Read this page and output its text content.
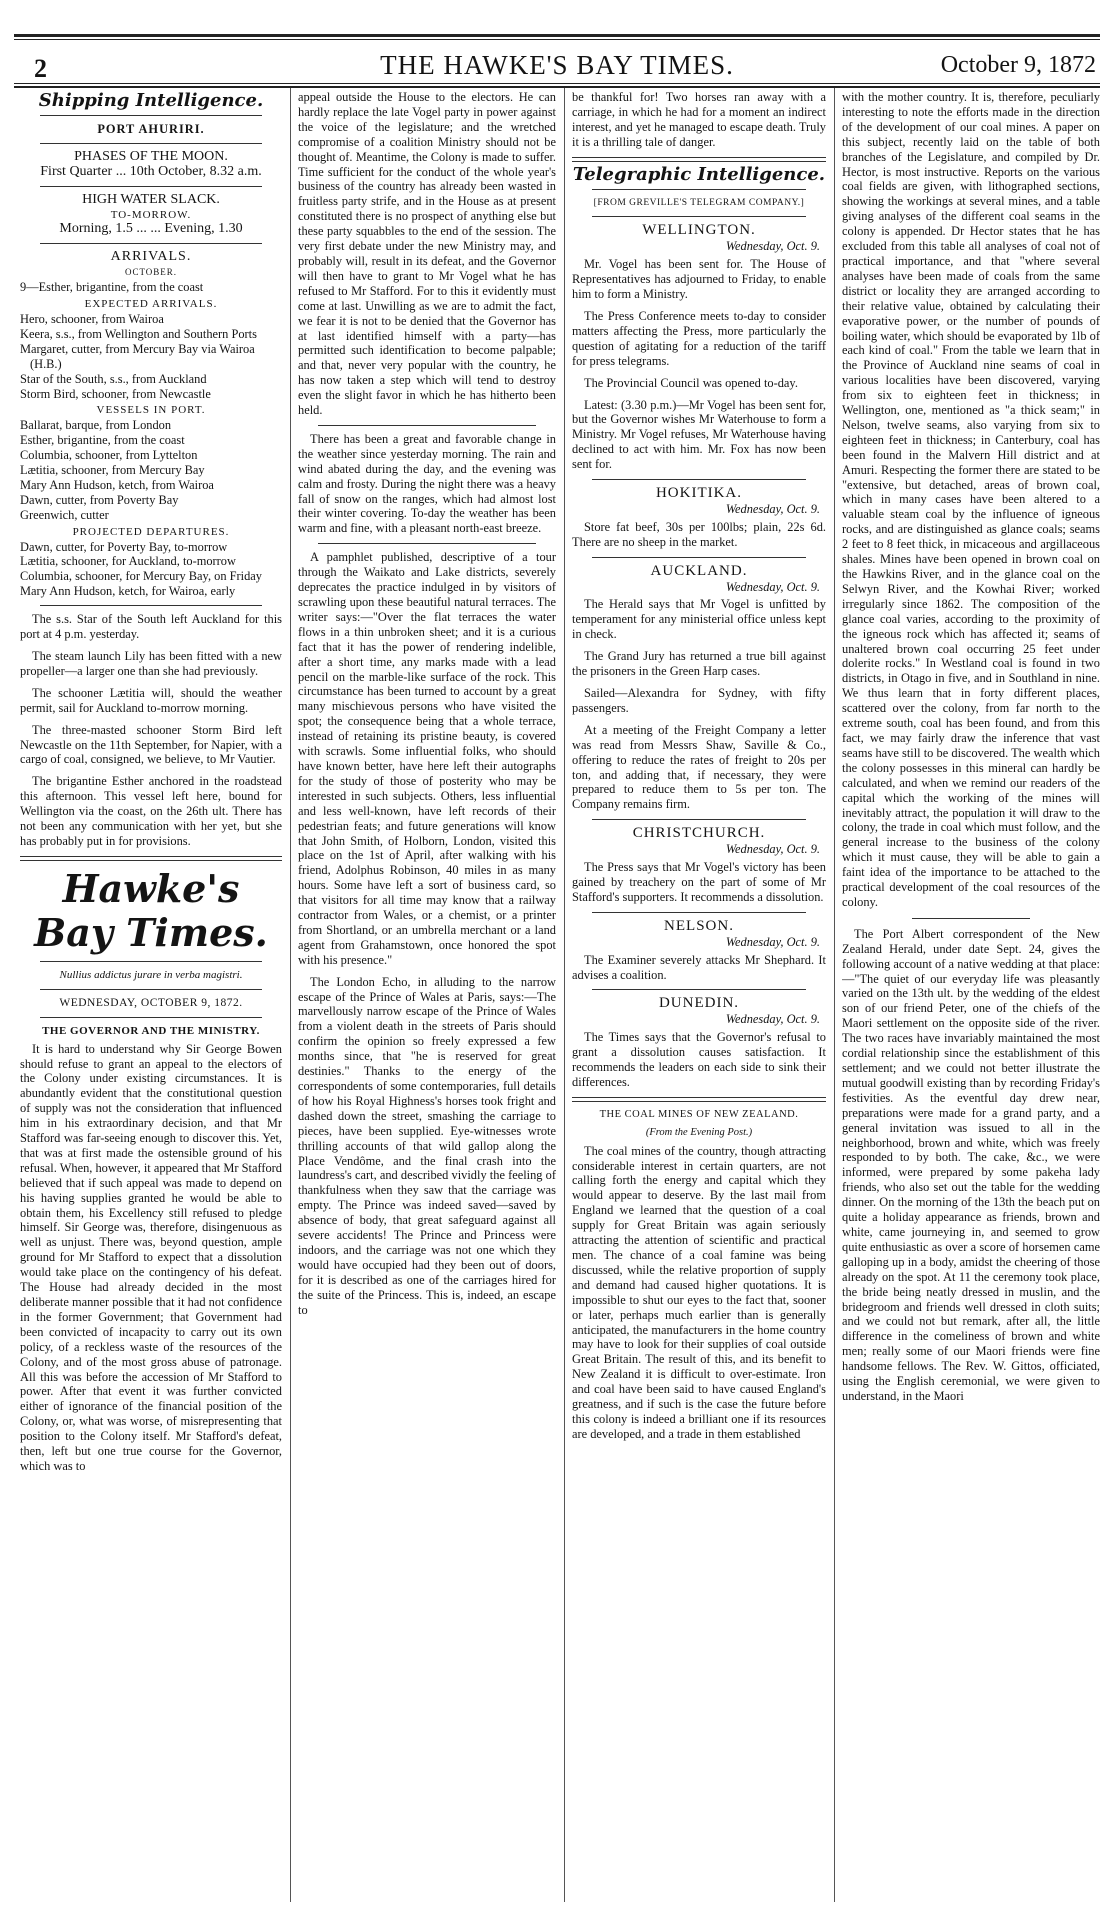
2	THE HAWKE'S BAY TIMES.	October 9, 1872
Shipping Intelligence.
PORT AHURIRI.
PHASES OF THE MOON.
First Quarter ... 10th October, 8.32 a.m.
HIGH WATER SLACK.
TO-MORROW.
Morning, 1.5 ... ... Evening, 1.30
ARRIVALS.
OCTOBER.
9—Esther, brigantine, from the coast
EXPECTED ARRIVALS.
Hero, schooner, from Wairoa
Keera, s.s., from Wellington and Southern Ports
Margaret, cutter, from Mercury Bay via Wairoa (H.B.)
Star of the South, s.s., from Auckland
Storm Bird, schooner, from Newcastle
VESSELS IN PORT.
Ballarat, barque, from London
Esther, brigantine, from the coast
Columbia, schooner, from Lyttelton
Lætitia, schooner, from Mercury Bay
Mary Ann Hudson, ketch, from Wairoa
Dawn, cutter, from Poverty Bay
Greenwich, cutter
PROJECTED DEPARTURES.
Dawn, cutter, for Poverty Bay, to-morrow
Lætitia, schooner, for Auckland, to-morrow
Columbia, schooner, for Mercury Bay, on Friday
Mary Ann Hudson, ketch, for Wairoa, early

The s.s. Star of the South left Auckland for this port at 4 p.m. yesterday.

The steam launch Lily has been fitted with a new propeller—a larger one than she had previously.

The schooner Lætitia will, should the weather permit, sail for Auckland to-morrow morning.

The three-masted schooner Storm Bird left Newcastle on the 11th September, for Napier, with a cargo of coal, consigned, we believe, to Mr Vautier.

The brigantine Esther anchored in the roadstead this afternoon. This vessel left here, bound for Wellington via the coast, on the 26th ult. There has not been any communication with her yet, but she has probably put in for provisions.

Hawke's Bay Times.
Nullius addictus jurare in verba magistri.
WEDNESDAY, OCTOBER 9, 1872.
THE GOVERNOR AND THE MINISTRY.

It is hard to understand why Sir George Bowen should refuse to grant an appeal to the electors of the Colony under existing circumstances. It is abundantly evident that the constitutional question of supply was not the consideration that influenced him in his extraordinary decision, and that Mr Stafford was far-seeing enough to discover this. Yet, that was at first made the ostensible ground of his refusal. When, however, it appeared that Mr Stafford believed that if such appeal was made to depend on his having supplies granted he would be able to obtain them, his Excellency still refused to pledge himself. Sir George was, therefore, disingenuous as well as unjust. There was, beyond question, ample ground for Mr Stafford to expect that a dissolution would take place on the contingency of his defeat. The House had already decided in the most deliberate manner possible that it had not confidence in the former Government; that Government had been convicted of incapacity to carry out its own policy, of a reckless waste of the resources of the Colony, and of the most gross abuse of patronage. All this was before the accession of Mr Stafford to power. After that event it was further convicted either of ignorance of the financial position of the Colony, or, what was worse, of misrepresenting that position to the Colony itself. Mr Stafford's defeat, then, left but one true course for the Governor, which was to

appeal outside the House to the electors. He can hardly replace the late Vogel party in power against the voice of the legislature; and the wretched compromise of a coalition Ministry should not be thought of. Meantime, the Colony is made to suffer. Time sufficient for the conduct of the whole year's business of the country has already been wasted in fruitless party strife, and in the House as at present constituted there is no prospect of anything else but these party squabbles to the end of the session. The very first debate under the new Ministry may, and probably will, result in its defeat, and the Governor will then have to grant to Mr Vogel what he has refused to Mr Stafford. For to this it evidently must come at last. Unwilling as we are to admit the fact, we fear it is not to be denied that the Governor has at last identified himself with a party—has permitted such identification to become palpable; and that, never very popular with the country, he has now taken a step which will tend to destroy even the slight favor in which he has hitherto been held.

There has been a great and favorable change in the weather since yesterday morning. The rain and wind abated during the day, and the evening was calm and frosty. During the night there was a heavy fall of snow on the ranges, which had almost lost their winter covering. To-day the weather has been warm and fine, with a pleasant north-east breeze.

A pamphlet published, descriptive of a tour through the Waikato and Lake districts, severely deprecates the practice indulged in by visitors of scrawling upon these beautiful natural terraces. The writer says:—"Over the flat terraces the water flows in a thin unbroken sheet; and it is a curious fact that it has the power of rendering indelible, after a short time, any marks made with a lead pencil on the marble-like surface of the rock. This circumstance has been turned to account by a great many mischievous persons who have visited the spot; the consequence being that a whole terrace, instead of retaining its pristine beauty, is covered with scrawls. Some influential folks, who should have known better, have here left their autographs for the study of those of posterity who may be interested in such subjects. Others, less influential and less well-known, have left records of their pedestrian feats; and future generations will know that John Smith, of Holborn, London, visited this place on the 1st of April, after walking with his friend, Adolphus Robinson, 40 miles in as many hours. Some have left a sort of business card, so that visitors for all time may know that a railway contractor from Wales, or a chemist, or a printer from Shortland, or an umbrella merchant or a land agent from Grahamstown, once honored the spot with his presence."

The London Echo, in alluding to the narrow escape of the Prince of Wales at Paris, says:—The marvellously narrow escape of the Prince of Wales from a violent death in the streets of Paris should confirm the opinion so freely expressed a few months since, that "he is reserved for great destinies." Thanks to the energy of the correspondents of some contemporaries, full details of how his Royal Highness's horses took fright and dashed down the street, smashing the carriage to pieces, have been supplied. Eye-witnesses wrote thrilling accounts of that wild gallop along the Place Vendôme, and the final crash into the laundress's cart, and described vividly the feeling of thankfulness when they saw that the carriage was empty. The Prince was indeed saved—saved by absence of body, that great safeguard against all severe accidents! The Prince and Princess were indoors, and the carriage was not one which they would have occupied had they been out of doors, for it is described as one of the carriages hired for the suite of the Princess. This is, indeed, an escape to

be thankful for! Two horses ran away with a carriage, in which he had for a moment an indirect interest, and yet he managed to escape death. Truly it is a thrilling tale of danger.

Telegraphic Intelligence.
[FROM GREVILLE'S TELEGRAM COMPANY.]
WELLINGTON.
Wednesday, Oct. 9.

Mr. Vogel has been sent for. The House of Representatives has adjourned to Friday, to enable him to form a Ministry.

The Press Conference meets to-day to consider matters affecting the Press, more particularly the question of agitating for a reduction of the tariff for press telegrams.

The Provincial Council was opened to-day.

Latest: (3.30 p.m.)—Mr Vogel has been sent for, but the Governor wishes Mr Waterhouse to form a Ministry. Mr Vogel refuses, Mr Waterhouse having declined to act with him. Mr. Fox has now been sent for.

HOKITIKA.
Wednesday, Oct. 9.

Store fat beef, 30s per 100lbs; plain, 22s 6d. There are no sheep in the market.

AUCKLAND.
Wednesday, Oct. 9.

The Herald says that Mr Vogel is unfitted by temperament for any ministerial office unless kept in check.

The Grand Jury has returned a true bill against the prisoners in the Green Harp cases.

Sailed—Alexandra for Sydney, with fifty passengers.

At a meeting of the Freight Company a letter was read from Messrs Shaw, Saville & Co., offering to reduce the rates of freight to 20s per ton, and adding that, if necessary, they were prepared to reduce them to 5s per ton. The Company remains firm.

CHRISTCHURCH.
Wednesday, Oct. 9.

The Press says that Mr Vogel's victory has been gained by treachery on the part of some of Mr Stafford's supporters. It recommends a dissolution.

NELSON.
Wednesday, Oct. 9.

The Examiner severely attacks Mr Shephard. It advises a coalition.

DUNEDIN.
Wednesday, Oct. 9.

The Times says that the Governor's refusal to grant a dissolution causes satisfaction. It recommends the leaders on each side to sink their differences.

THE COAL MINES OF NEW ZEALAND.
(From the Evening Post.)

The coal mines of the country, though attracting considerable interest in certain quarters, are not calling forth the energy and capital which they would appear to deserve. By the last mail from England we learned that the question of a coal supply for Great Britain was again seriously attracting the attention of scientific and practical men. The chance of a coal famine was being discussed, while the relative proportion of supply and demand had caused higher quotations. It is impossible to shut our eyes to the fact that, sooner or later, perhaps much earlier than is generally anticipated, the manufacturers in the home country may have to look for their supplies of coal outside Great Britain. The result of this, and its benefit to New Zealand it is difficult to over-estimate. Iron and coal have been said to have caused England's greatness, and if such is the case the future before this colony is indeed a brilliant one if its resources are developed, and a trade in them established

with the mother country. It is, therefore, peculiarly interesting to note the efforts made in the direction of the development of our coal mines. A paper on this subject, recently laid on the table of both branches of the Legislature, and compiled by Dr. Hector, is most instructive. Reports on the various coal fields are given, with lithographed sections, showing the workings at several mines, and a table giving analyses of the different coal seams in the colony is appended. Dr Hector states that he has excluded from this table all analyses of coal not of practical importance, and that "where several analyses have been made of coals from the same district or locality they are arranged according to their relative value, obtained by calculating their evaporative power, or the number of pounds of boiling water, which should be evaporated by 1lb of each kind of coal." From the table we learn that in the Province of Auckland nine seams of coal in various localities have been discovered, varying from six to eighteen feet in thickness; in Wellington, one, mentioned as "a thick seam;" in Nelson, twelve seams, also varying from six to eighteen feet in thickness; in Canterbury, coal has been found in the Malvern Hill district and at Amuri. Respecting the former there are stated to be "extensive, but detached, areas of brown coal, which in many cases have been altered to a valuable steam coal by the influence of igneous rocks, and are distinguished as glance coals; seams 2 feet to 8 feet thick, in micaceous and argillaceous shales. Mines have been opened in brown coal on the Hawkins River, and in the glance coal on the Selwyn River, and the Kowhai River; worked irregularly since 1862. The composition of the glance coal varies, according to the proximity of the igneous rock which has affected it; seams of unaltered brown coal occurring 25 feet under dolerite rocks." In Westland coal is found in two districts, in Otago in five, and in Southland in nine. We thus learn that in forty different places, scattered over the colony, from far north to the extreme south, coal has been found, and from this fact, we may fairly draw the inference that vast seams have still to be discovered. The wealth which the colony possesses in this mineral can hardly be calculated, and when we remind our readers of the capital which the working of the mines will inevitably attract, the population it will draw to the colony, the trade in coal which must follow, and the general increase to the business of the colony which it must cause, they will be able to gain a faint idea of the importance to be attached to the practical development of the coal resources of the colony.

The Port Albert correspondent of the New Zealand Herald, under date Sept. 24, gives the following account of a native wedding at that place:—"The quiet of our everyday life was pleasantly varied on the 13th ult. by the wedding of the eldest son of our friend Peter, one of the chiefs of the Maori settlement on the opposite side of the river. The two races have invariably maintained the most cordial relationship since the establishment of this settlement; and we could not better illustrate the mutual goodwill existing than by recording Friday's festivities. As the eventful day drew near, preparations were made for a grand party, and a general invitation was issued to all in the neighborhood, brown and white, which was freely responded to by both. The cake, &c., we were informed, were prepared by some pakeha lady friends, who also set out the table for the wedding dinner. On the morning of the 13th the beach put on quite a holiday appearance as friends, brown and white, came journeying in, and seemed to grow quite enthusiastic as over a score of horsemen came galloping up in a body, amidst the cheering of those already on the spot. At 11 the ceremony took place, the bride being neatly dressed in muslin, and the bridegroom and friends well dressed in cloth suits; and we could not but remark, after all, the little difference in the comeliness of brown and white men; really some of our Maori friends were fine handsome fellows. The Rev. W. Gittos, officiated, using the English ceremonial, we were given to understand, in the Maori
